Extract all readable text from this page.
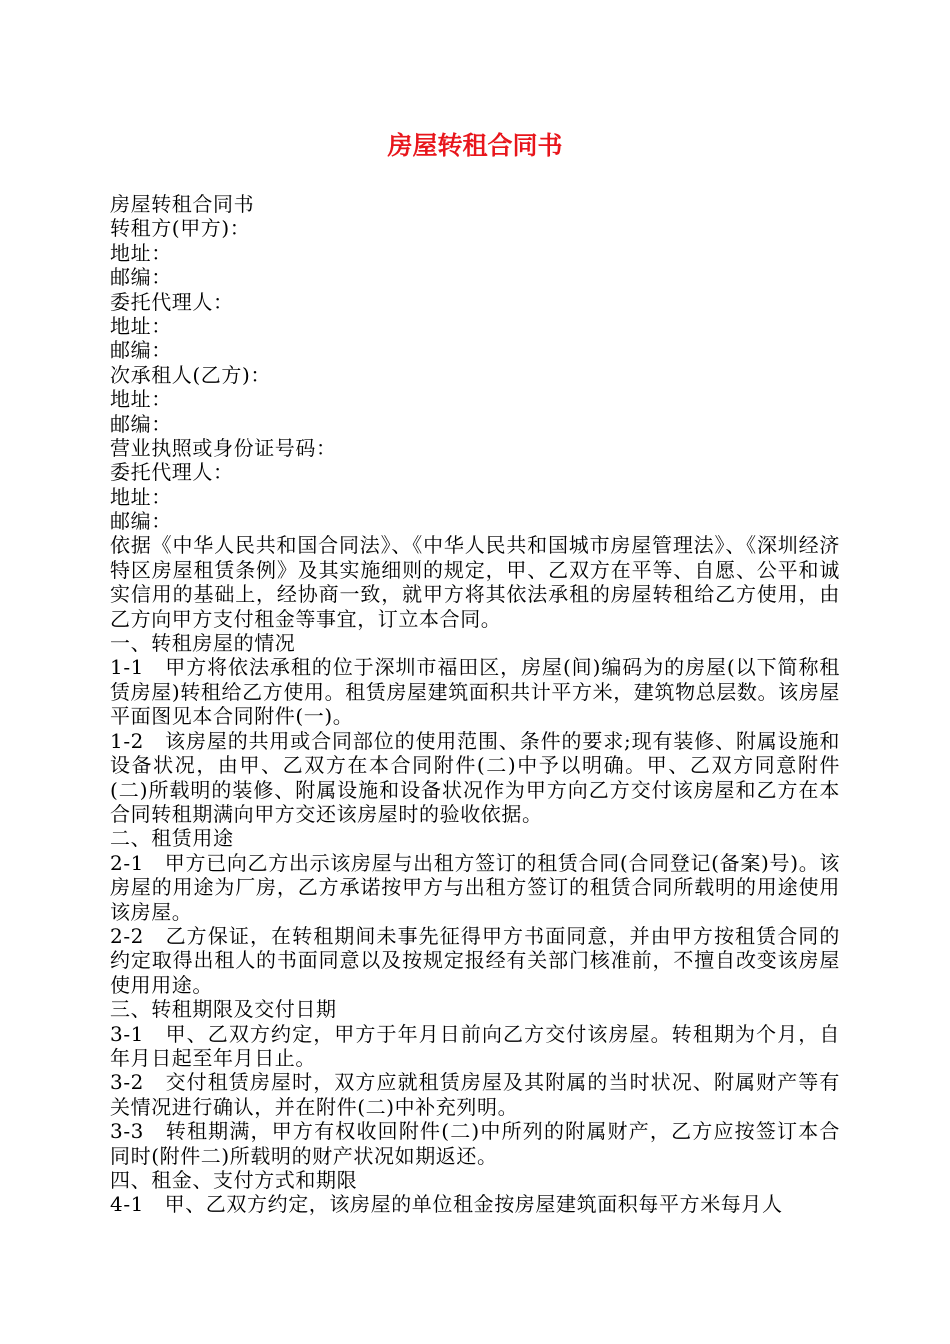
房屋转租合同书
房屋转租合同书
转租方(甲方)：
地址：
邮编：
委托代理人：
地址：
邮编：
次承租人(乙方)：
地址：
邮编：
营业执照或身份证号码：
委托代理人：
地址：
邮编：
依据《中华人民共和国合同法》、《中华人民共和国城市房屋管理法》、《深圳经济特区房屋租赁条例》及其实施细则的规定，甲、乙双方在平等、自愿、公平和诚实信用的基础上，经协商一致，就甲方将其依法承租的房屋转租给乙方使用，由乙方向甲方支付租金等事宜，订立本合同。
一、转租房屋的情况
1-1　甲方将依法承租的位于深圳市福田区，房屋(间)编码为的房屋(以下简称租赁房屋)转租给乙方使用。租赁房屋建筑面积共计平方米，建筑物总层数。该房屋平面图见本合同附件(一)。
1-2　该房屋的共用或合同部位的使用范围、条件的要求;现有装修、附属设施和设备状况，由甲、乙双方在本合同附件(二)中予以明确。甲、乙双方同意附件(二)所载明的装修、附属设施和设备状况作为甲方向乙方交付该房屋和乙方在本合同转租期满向甲方交还该房屋时的验收依据。
二、租赁用途
2-1　甲方已向乙方出示该房屋与出租方签订的租赁合同(合同登记(备案)号)。该房屋的用途为厂房，乙方承诺按甲方与出租方签订的租赁合同所载明的用途使用该房屋。
2-2　乙方保证，在转租期间未事先征得甲方书面同意，并由甲方按租赁合同的约定取得出租人的书面同意以及按规定报经有关部门核准前，不擅自改变该房屋使用用途。
三、转租期限及交付日期
3-1　甲、乙双方约定，甲方于年月日前向乙方交付该房屋。转租期为个月，自年月日起至年月日止。
3-2　交付租赁房屋时，双方应就租赁房屋及其附属的当时状况、附属财产等有关情况进行确认，并在附件(二)中补充列明。
3-3　转租期满，甲方有权收回附件(二)中所列的附属财产，乙方应按签订本合同时(附件二)所载明的财产状况如期返还。
四、租金、支付方式和期限
4-1　甲、乙双方约定，该房屋的单位租金按房屋建筑面积每平方米每月人
